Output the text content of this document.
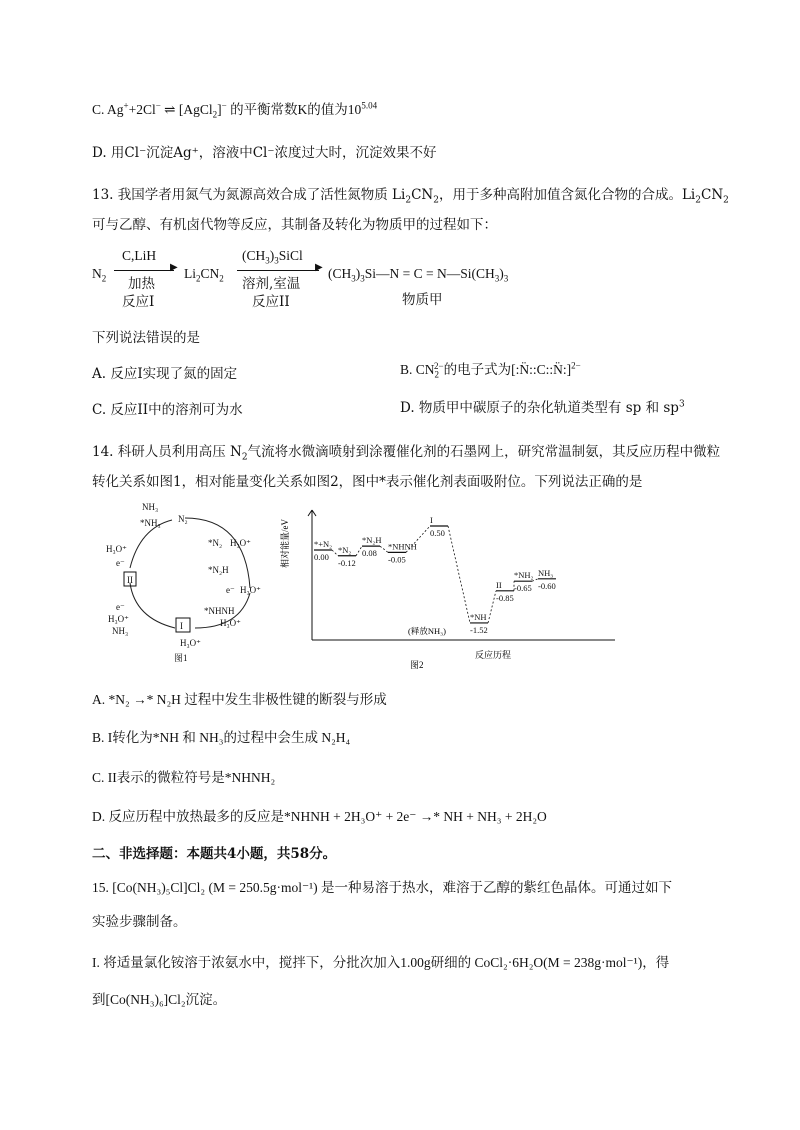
C. Ag++2Cl− ⇌ [AgCl$_2$]− 的平衡常数K的值为$10^{5.04}$
D. 用Cl⁻沉淀Ag⁺，溶液中Cl⁻浓度过大时，沉淀效果不好
13. 我国学者用氮气为氮源高效合成了活性氮物质 $Li_2CN_2$，用于多种高附加值含氮化合物的合成。$Li_2CN_2$
可与乙醇、有机卤代物等反应，其制备及转化为物质甲的过程如下：
$N_2$
C,LiH
▶
加热
反应I
$Li_2CN_2$
$(CH_3)_3SiCl$
▶
溶剂,室温
反应II
$(CH_3)_3Si—N = C$ = $N—Si(CH_3)_3$
物质甲
下列说法错误的是
A. 反应I实现了氮的固定	B. $CN_2^{2-}$的电子式为[:N̈::C::N̈:]$^{2-}$
C. 反应II中的溶剂可为水	D. 物质甲中碳原子的杂化轨道类型有 sp 和 $sp^3$
14. 科研人员利用高压 $N_2$气流将水微滴喷射到涂覆催化剂的石墨网上，研究常温制氨，其反应历程中微粒
转化关系如图1，相对能量变化关系如图2，图中*表示催化剂表面吸附位。下列说法正确的是
NH₃
*NH₃ N₂
*N₂ H₃O⁺
*N₂H
e⁻ H₃O⁺
*NHNH
H₃O⁺
H₃O⁺
e⁻
II
e⁻
H₃O⁺
NH₃	I
H₃O⁺
图1
相对能量/eV
反应历程
图2
*+N₂
0.00
*N₂
-0.12
*N₂H
0.08
*NHNH
-0.05
I
0.50
*NH
-1.52
II
-0.85
*NH₂
-0.65
NH₃
-0.60
(释放NH₃)
A. *N₂ →* N₂H 过程中发生非极性键的断裂与形成
B. I转化为*NH 和 NH₃的过程中会生成 N₂H₄
C. II表示的微粒符号是*NHNH₂
D. 反应历程中放热最多的反应是*NHNH + 2H₃O⁺ + 2e⁻ →* NH + NH₃ + 2H₂O
二、非选择题：本题共4小题，共58分。
15. [Co(NH₃)₅Cl]Cl₂ (M = 250.5g·mol⁻¹) 是一种易溶于热水，难溶于乙醇的紫红色晶体。可通过如下
实验步骤制备。
I. 将适量氯化铵溶于浓氨水中，搅拌下，分批次加入1.00g研细的 CoCl₂·6H₂O(M = 238g·mol⁻¹)，得
到[Co(NH₃)₆]Cl₂沉淀。
